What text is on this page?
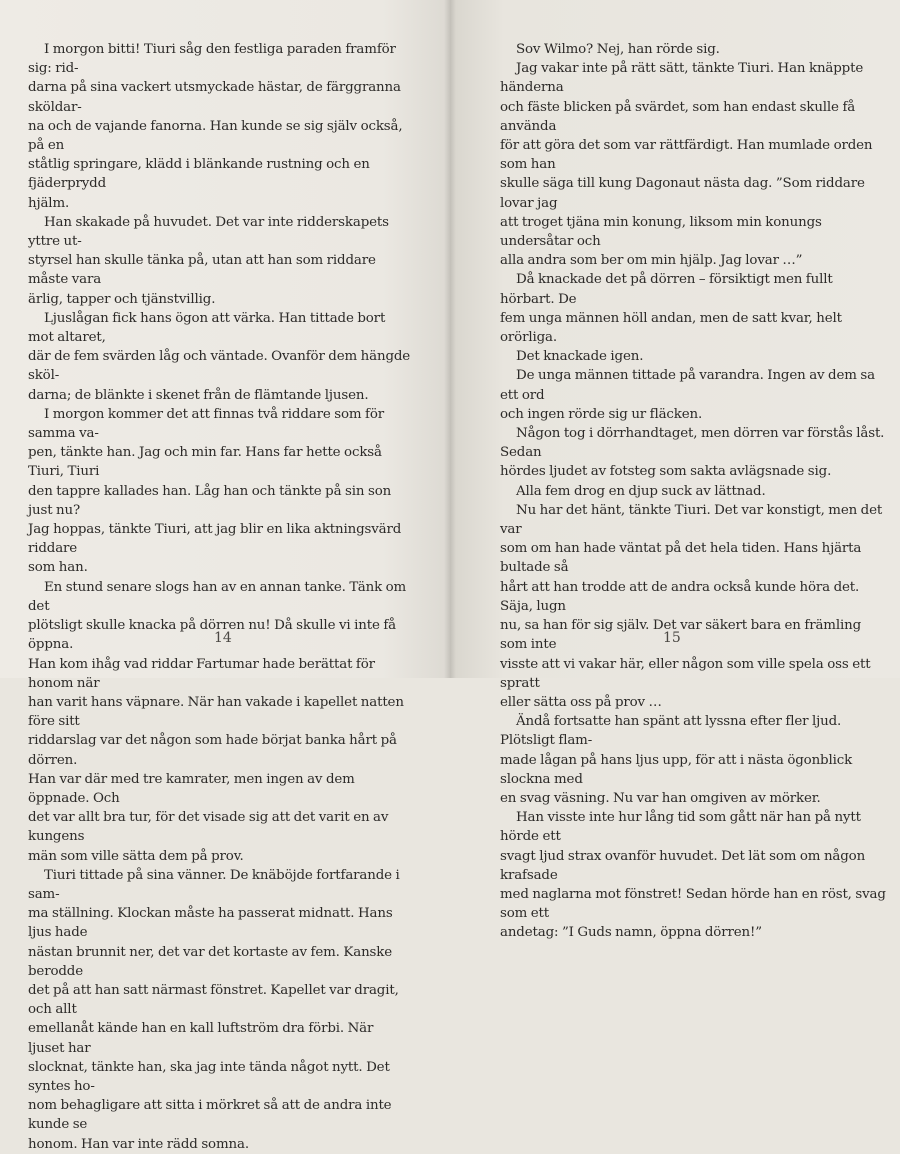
I morgon bitti! Tiuri såg den festliga paraden framför sig: rid-
darna på sina vackert utsmyckade hästar, de färggranna sköldar-
na och de vajande fanorna. Han kunde se sig själv också, på en
ståtlig springare, klädd i blänkande rustning och en fjäderprydd
hjälm.

Han skakade på huvudet. Det var inte ridderskapets yttre ut-
styrsel han skulle tänka på, utan att han som riddare måste vara
ärlig, tapper och tjänstvillig.

Ljuslågan fick hans ögon att värka. Han tittade bort mot altaret,
där de fem svärden låg och väntade. Ovanför dem hängde sköl-
darna; de blänkte i skenet från de flämtande ljusen.

I morgon kommer det att finnas två riddare som för samma va-
pen, tänkte han. Jag och min far. Hans far hette också Tiuri, Tiuri
den tappre kallades han. Låg han och tänkte på sin son just nu?
Jag hoppas, tänkte Tiuri, att jag blir en lika aktningsvärd riddare
som han.

En stund senare slogs han av en annan tanke. Tänk om det
plötsligt skulle knacka på dörren nu! Då skulle vi inte få öppna.
Han kom ihåg vad riddar Fartumar hade berättat för honom när
han varit hans väpnare. När han vakade i kapellet natten före sitt
riddarslag var det någon som hade börjat banka hårt på dörren.
Han var där med tre kamrater, men ingen av dem öppnade. Och
det var allt bra tur, för det visade sig att det varit en av kungens
män som ville sätta dem på prov.

Tiuri tittade på sina vänner. De knäböjde fortfarande i sam-
ma ställning. Klockan måste ha passerat midnatt. Hans ljus hade
nästan brunnit ner, det var det kortaste av fem. Kanske berodde
det på att han satt närmast fönstret. Kapellet var dragit, och allt
emellanåt kände han en kall luftström dra förbi. När ljuset har
slocknat, tänkte han, ska jag inte tända något nytt. Det syntes ho-
nom behagligare att sitta i mörkret så att de andra inte kunde se
honom. Han var inte rädd somna.

14

Sov Wilmo? Nej, han rörde sig.

Jag vakar inte på rätt sätt, tänkte Tiuri. Han knäppte händerna
och fäste blicken på svärdet, som han endast skulle få använda
för att göra det som var rättfärdigt. Han mumlade orden som han
skulle säga till kung Dagonaut nästa dag. ”Som riddare lovar jag
att troget tjäna min konung, liksom min konungs undersåtar och
alla andra som ber om min hjälp. Jag lovar …”

Då knackade det på dörren – försiktigt men fullt hörbart. De
fem unga männen höll andan, men de satt kvar, helt orörliga.

Det knackade igen.

De unga männen tittade på varandra. Ingen av dem sa ett ord
och ingen rörde sig ur fläcken.

Någon tog i dörrhandtaget, men dörren var förstås låst. Sedan
hördes ljudet av fotsteg som sakta avlägsnade sig.

Alla fem drog en djup suck av lättnad.

Nu har det hänt, tänkte Tiuri. Det var konstigt, men det var
som om han hade väntat på det hela tiden. Hans hjärta bultade så
hårt att han trodde att de andra också kunde höra det. Säja, lugn
nu, sa han för sig själv. Det var säkert bara en främling som inte
visste att vi vakar här, eller någon som ville spela oss ett spratt
eller sätta oss på prov …

Ändå fortsatte han spänt att lyssna efter fler ljud. Plötsligt flam-
made lågan på hans ljus upp, för att i nästa ögonblick slockna med
en svag väsning. Nu var han omgiven av mörker.

Han visste inte hur lång tid som gått när han på nytt hörde ett
svagt ljud strax ovanför huvudet. Det lät som om någon krafsade
med naglarna mot fönstret! Sedan hörde han en röst, svag som ett
andetag: ”I Guds namn, öppna dörren!”

15
